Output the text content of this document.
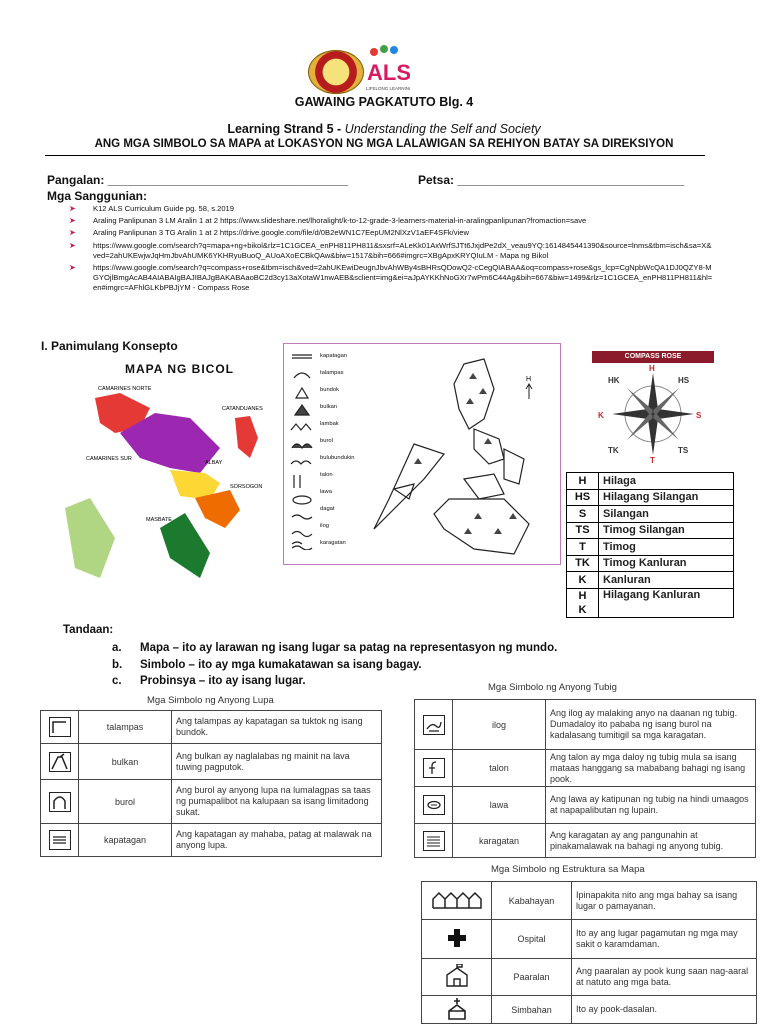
ALS
LIFELONG LEARNING
GAWAING PAGKATUTO Blg. 4
Learning Strand 5 - Understanding the Self and Society
ANG MGA SIMBOLO SA MAPA at LOKASYON NG MGA LALAWIGAN SA REHIYON BATAY SA DIREKSIYON
Pangalan: ____________________________________	Petsa: __________________________________
Mga Sanggunian:
➤ K12 ALS Curriculum Guide pg. 58, s.2019
➤ Araling Panlipunan 3 LM Aralin 1 at 2 https://www.slideshare.net/lhoralight/k-to-12-grade-3-learners-material-in-aralingpanlipunan?fromaction=save
➤ Araling Panlipunan 3 TG Aralin 1 at 2 https://drive.google.com/file/d/0B2eWN1C7EepUM2NlXzV1aEF4SFk/view
➤ https://www.google.com/search?q=mapa+ng+bikol&rlz=1C1GCEA_enPH811PH811&sxsrf=ALeKk01AxWrfSJTt6JxjdPe2dX_veau9YQ:1614845441390&source=lnms&tbm=isch&sa=X&ved=2ahUKEwjwJqHmJbvAhUMK6YKHRyuBuoQ_AUoAXoECBkQAw&biw=1517&bih=666#imgrc=XBgApxKRYQIuLM - Mapa ng Bikol
➤ https://www.google.com/search?q=compass+rose&tbm=isch&ved=2ahUKEwiDeugnJbvAhWBy4sBHRsQDowQ2-cCegQIABAA&oq=compass+rose&gs_lcp=CgNpbWcQA1DJ0QZY8-MGYOjlBmgAcAB4AIABAIgBAJIBAJgBAKABAaoBC2d3cy13aXotaW1nwAEB&sclient=img&ei=aJpAYKKhNoGXr7wPm6C44Ag&bih=667&biw=1499&rlz=1C1GCEA_enPH811PH811&hl=en#imgrc=AFhlGLKbPBJjYM - Compass Rose
I. Panimulang Konsepto
MAPA NG BICOL
CAMARINES NORTE
CATANDUANES
CAMARINES SUR
ALBAY
SORSOGON
MASBATE
kapatagan
talampas
bundok
bulkan
lambak
burol
bulubundukin
talon
lawa
dagat
ilog
karagatan
H
COMPASS ROSE
H
HS
S
TS
T
TK
K
HK
H	Hilaga
HS	Hilagang Silangan
S	Silangan
TS	Timog Silangan
T	Timog
TK	Timog Kanluran
K	Kanluran
H
K	Hilagang Kanluran
Tandaan:
a. Mapa – ito ay larawan ng isang lugar sa patag na representasyon ng mundo.
b. Simbolo – ito ay mga kumakatawan sa isang bagay.
c. Probinsya – ito ay isang lugar.
Mga Simbolo ng Anyong Lupa
	talampas	Ang talampas ay kapatagan sa tuktok ng isang bundok.
	bulkan	Ang bulkan ay naglalabas ng mainit na lava tuwing pagputok.
	burol	Ang burol ay anyong lupa na lumalagpas sa taas ng pumapalibot na kalupaan sa isang limitadong sukat.
	kapatagan	Ang kapatagan ay mahaba, patag at malawak na anyong lupa.
Mga Simbolo ng Anyong Tubig
	ilog	Ang ilog ay malaking anyo na daanan ng tubig. Dumadaloy ito pababa ng isang burol na kadalasang tumitigil sa mga karagatan.
	talon	Ang talon ay mga daloy ng tubig mula sa isang mataas hanggang sa mababang bahagi ng isang pook.
	lawa	Ang lawa ay katipunan ng tubig na hindi umaagos at napapalibutan ng lupain.
	karagatan	Ang karagatan ay ang pangunahin at pinakamalawak na bahagi ng anyong tubig.
Mga Simbolo ng Estruktura sa Mapa
	Kabahayan	Ipinapakita nito ang mga bahay sa isang lugar o pamayanan.
	Ospital	Ito ay ang lugar pagamutan ng mga may sakit o karamdaman.
	Paaralan	Ang paaralan ay pook kung saan nag-aaral at natuto ang mga bata.
	Simbahan	Ito ay pook-dasalan.
